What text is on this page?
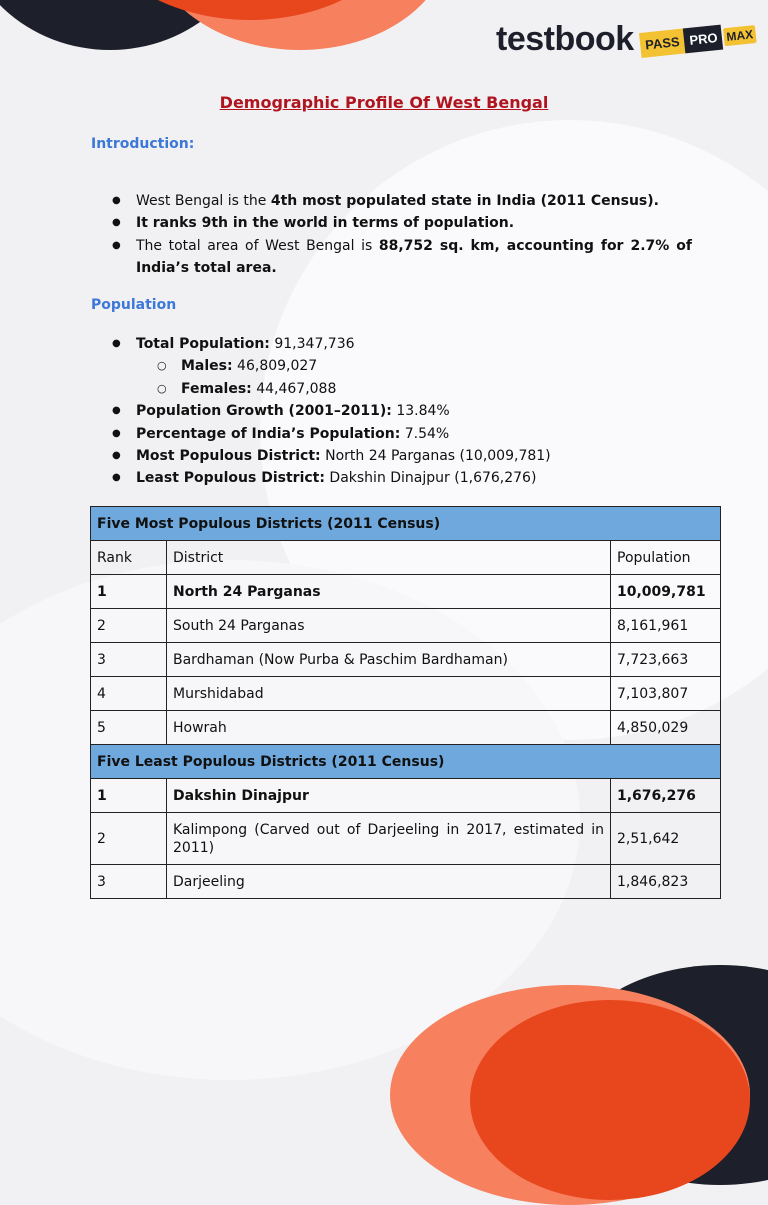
testbook PASS PRO MAX
Demographic Profile Of West Bengal
Introduction:
● West Bengal is the 4th most populated state in India (2011 Census).
● It ranks 9th in the world in terms of population.
● The total area of West Bengal is 88,752 sq. km, accounting for 2.7% of India’s total area.
Population
● Total Population: 91,347,736
○ Males: 46,809,027
○ Females: 44,467,088
● Population Growth (2001–2011): 13.84%
● Percentage of India’s Population: 7.54%
● Most Populous District: North 24 Parganas (10,009,781)
● Least Populous District: Dakshin Dinajpur (1,676,276)
Five Most Populous Districts (2011 Census)		
Rank	District	Population
1	North 24 Parganas	10,009,781
2	South 24 Parganas	8,161,961
3	Bardhaman (Now Purba & Paschim Bardhaman)	7,723,663
4	Murshidabad	7,103,807
5	Howrah	4,850,029
Five Least Populous Districts (2011 Census)		
1	Dakshin Dinajpur	1,676,276
2	Kalimpong (Carved out of Darjeeling in 2017, estimated in 2011)	2,51,642
3	Darjeeling	1,846,823
